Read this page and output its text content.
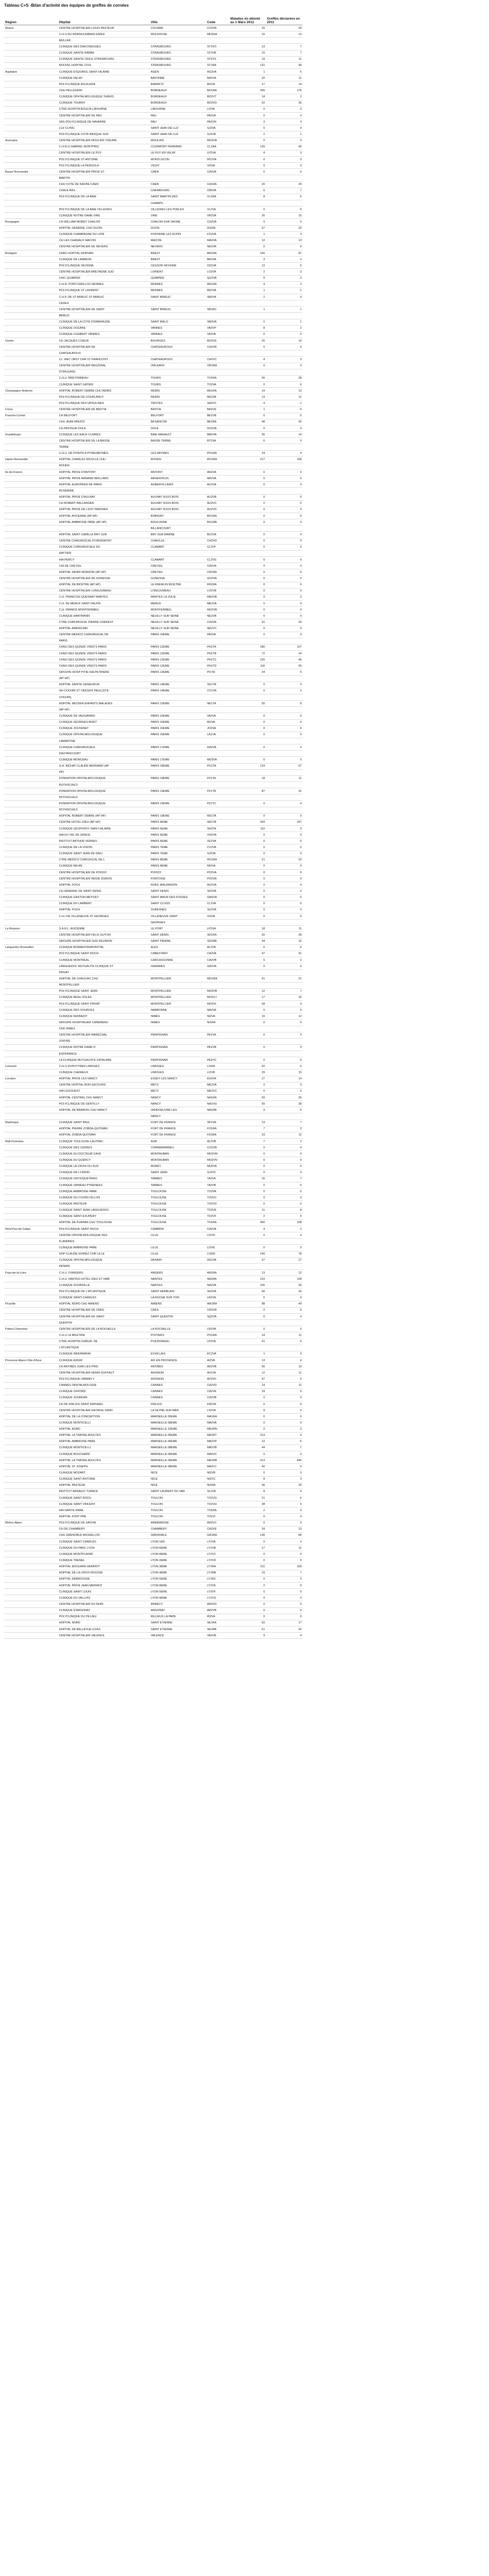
Tableau C+S -Bilan d'activité des équipes de greffes de cornées
Région	Hôpital	Ville	Code	Malades en attente au 1 Mars 2012	Greffes déclarées en 2011
Alsace	CENTRE HOSPITALIER LOUIS PASTEUR	COLMAR	CO2VA	35	29
	C.H.U DU MOENCHSBERG EMILE	MULHOUSE	MU1RA	16	13
	MULLER				
	CLINIQUE DES DIACONESSES	STRASBOURG	ST2VO	13	7
	CLINIQUE SAINTE BARBE	STRASBOURG	ST2VB	15	7
	CLINIQUE SAINTE ODILE STRASBOURG	STRASBOURG	ST2VS	19	11
	NOUVEL HOPITAL CIVIL	STRASBOURG	ST1RA	131	44
Aquitaine	CLINIQUE ESQUIROL SAINT-HILAIRE	AGEN	AG2VA	1	5
	CLINIQUE DELAY	BAYONNE	BA2VA	32	11
	POLYCLINIQUE AGUILERA	BIARRITZ	BI2VA	27	14
	CHU PELLEGRIN	BORDEAUX	BO1RA	345	175
	CLINIQUE OPHTALMOLOGIQUE THIERS	BORDEAUX	BO2VT	14	2
	CLINIQUE TOURNY	BORDEAUX	BO2VD	62	35
	CTRE HOSPITA BOULIN LIBOURNE	LIBOURNE	LI2VA	0	0
	CENTRE HOSPITALIER DE PAU	PAU	PA2VA	0	0
	SAS POLYCLINIQUE DE NAVARRE	PAU	PA2VN	3	3
	LUZ CLINIC	SAINT JEAN DE LUZ	SJ2VA	0	0
	POLYCLINIQUE COTE BASQUE SUD	SAINT JEAN DE LUZ	SJ2VB	2	1
Auvergne	CENTRE HOSPITALIER MOULINS YZEURE	MOULINS	MO2VA	0	0
	C.H.R.U GABRIEL MONTPIED	CLERMONT FERRAND	CL1RA	126	45
	CENTRE HOSPITALIER LE PUY	LE PUY EN VELAY	LP2VA	4	3
	POLYCLINIQUE ST ANTOINE	MONTLUCON	MT2VA	0	0
	POLYCLINIQUE LA PERGOLA	VICHY	VI2VA	0	0
Basse-Normandie	CENTRE HOSPITALIER PRIVE ST	CAEN	CA2VA	0	0
	MARTIN				
	CHU COTE DE NACRE CAEN	CAEN	CA1RA	20	29
	CHALE BAS	CHERBOURG	CB2VA	6	7
	POLYCLINIQUE DE LA BAIE	SAINT MARTIN DES	VL1RA	8	6
		CHAMPS			
	POLYCLINIQUE DE LA BAIE VILLEDIEU	VILLEDIEU LES POELES	VL2VA	0	0
	CLINIQUE NOTRE DAME VIRE	VIRE	VR2VA	26	15
Bourgogne	CH WILLIAM MOREY CHALON	CHALON SUR SAONE	CH2VA	0	0
	HOPITAL GENERAL CHU DIJON	DIJON	DI1RA	57	20
	CLINIQUE CHAMPAGNE DU LION	FONTAINE LES DIJON	FO2VA	1	3
	CH LES CHANAUX MACON	MACON	MA2VA	12	13
	CENTRE HOSPITALIER DE NEVERS	NEVERS	NE2VA	0	0
Bretagne	CHRU HOPITAL MORVAN	BREST	BR1RA	160	87
	CLINIQUE DE LAMBEZE	BREST	BR2VA	3	2
	POLYCLINIQUE SEVIGNE	CESSON SEVIGNE	CE2VA	13	5
	CENTRE HOSPITALIER BRETAGNE SUD	LORIENT	LO2VA	2	3
	CHIC QUIMPER	QUIMPER	QU2VA	9	3
	C.H.R. PONTCHAILLOU RENNES	RENNES	RE1RA	4	2
	POLYCLINIQUE ST LAURENT	RENNES	RE2VA	1	1
	C.H.P. DE ST BRIEUC ST BRIEUC	SAINT BRIEUC	SB2VA	2	0
	CEDEX				
	CENTRE HOSPITALIER DE SAINT	SAINT BRIEUC	SB1RC	1	1
	BRIEUC				
	CLINIQUE DE LA COTE D'EMERAUDE	SAINT MALO	SM2VA	0	1
	CLINIQUE OCEANE	VANNES	VA2VP	8	2
	CLINIQUE CHUBERT VANNES	VANNES	VA2VA	0	0
Centre	CH JACQUES COEUR	BOURGES	BO2VE	26	10
	CENTRE HOSPITALIER DE	CHATEAUROUX	CH2VB	0	0
	CHATEAUROUX				
	CL. MEC OBST CHR ST FRANCOIST	CHATEAUROUX	CH2VC	4	3
	CENTRE HOSPITALIER REGIONAL	ORLEANS	OR1RA	0	0
	D'ORLEANS				
	C.H.U. BRETONNEAU	TOURS	TO1RA	55	28
	CLINIQUE SAINT GATIEN	TOURS	TO2VA	0	0
Champagne-Ardenne	HOPITAL ROBERT DEBRE CHU REIMS	REIMS	RE1RA	14	13
	POLYCLINIQUE DE COURLANCY	REIMS	RE2VA	13	12
	POLYCLINIQUE DES URSULINES	TROYES	SA2VC	4	1
Corse	CENTRE HOSPITALIER DE BASTIA	BASTIA	BA2VE	1	0
Franche-Comté	CH BELFORT	BELFORT	BE2VB	0	0
	CHU JEAN MINJOZ	BESANCON	BE1RA	48	42
	CH PASTEUR DOLE	DOLE	DO2VA	0	0
Guadeloupe	CLINIQUE LES EAUX CLAIRES	BAIE MAHAULT	BM2VA	36	14
	CENTRE HOSPITALIER DE LA BASSE	BASSE TERRE	BT2VA	6	0
	TERRE				
	C.H.U. DE POINTE A PITRE/ABYMES	LES ABYMES	PO1RA	24	9
Haute-Normandie	HOPITAL CHARLES NICOLLE CHU	ROUEN	RO1RA	217	106
	ROUEN				
Ile-de-France	HOPITAL PRIVE D'ANTONY	ANTONY	AN2VA	0	0
	HOPITAL PRIVE ARMAND BRILLARD	ARGENTEUIL	AR2VA	0	0
	HOPITAL EUROPEEN DE PARIS	AUBERVILLIERS	AU2VA	0	0
	ROSERAIE				
	HOPITAL PRIVE D'AULNAY	AULNAY SOUS BOIS	AU2VB	0	0
	CH ROBERT BALLANGER	AULNAY SOUS BOIS	AU2VC	0	0
	HOPITAL PRIVE DE L'EST PARISIEN	AULNAY SOUS BOIS	AU2VD	0	0
	HOPITAL AVICENNE (AP HP)	BOBIGNY	BO1RA	0	0
	HOPITAL AMBROISE PARE (AP HP)	BOULOGNE	BO1RB	0	0
		BILLANCOURT			
	HOPITAL SAINT CAMILLE BRY SUR	BRY SUR MARNE	BC2VA	0	0
	CENTRE CHIRURGICAL D'ORGEMONT	CHAVILLE	CH2VD	0	0
	CLINIQUE CHIRURGICALE DU	CLAMART	CL2VF	0	0
	HAYTIER				
	HIA PERCY	CLAMART	CL2VG	0	0
	CHI DE CRETEIL	CRETEIL	CR2VA	0	0
	HOPITAL HENRI MONDOR (AP HP)	CRETEIL	CR1RA	0	0
	CENTRE HOSPITALIER DE GONESSE	GONESSE	GO2VA	0	0
	HOPITAL DE BICETRE (AP HP)	LE KREMLIN BICETRE	KR1RA	0	0
	CENTRE HOSPITALIER LONGJUMEAU	LONGJUMEAU	LO2VB	0	0
	C.H. FRANCOIS QUESNAY MANTES	MANTES LA JOLIE	MA2VB	0	0
	C.H. DE MEAUX SAINT FAUON	MEAUX	ME2VA	0	0
	C.H. FRANCE MONTFERMEIL	MONTFERMEIL	MO2VB	0	0
	CLINIQUE HARTMANN	NEUILLY SUR SEINE	NE2VB	0	0
	CTRE CHIRURGICAL PIERRE CHEREST	NEUILLY SUR SEINE	CH2VA	91	20
	HOPITAL AMERICAIN	NEUILLY SUR SEINE	NE2VC	0	0
	CENTRE MEDICO CHIRURGICAL DE	PARIS 10EME	PA2VA	0	0
	PARIS				
	CHNO DES QUINZE VINGTS PARIS	PARIS 12EME	PH1TA	180	107
	CHNO DES QUINZE VINGTS PARIS	PARIS 12EME	PH1TB	72	24
	CHNO DES QUINZE VINGTS PARIS	PARIS 12EME	PH1TC	155	46
	CHNO DES QUINZE VINGTS PARIS	PARIS 12EME	PH1TD	116	55
	GROUPE HOSP PITIE-SALPETRIERE	PARIS 13EME	PI1TA	24	0
	(AP HP)				
	HOPITAL SAINTE GENEVIEVE	PARIS 14EME	SG1TA	0	0
	GH COCHIN ST VINCENT PAUL(SITE	PARIS 14EME	CO1TA	0	0
	COCHIN)				
	HOPITAL NECKER ENFANTS MALADES	PARIS 15EME	NE1TA	55	8
	(AP HP)				
	CLINIQUE DE VAUGIRARD	PARIS 15EME	VA2VA	0	0
	CLINIQUE GEORGES BIZET	PARIS 16EME	BI2VA	0	0
	CLINIQUE JOUVENET	PARIS 16EME	JO2VA	0	0
	CLINIQUE OPHTALMOLOGIQUE	PARIS 15EME	LA1VA	0	0
	LAMARTINE				
	CLINIQUE CHIRURGICALE	PARIS 17EME	DA2VA	0	0
	DAUTANCOURT				
	CLINIQUE MONCEAU	PARIS 17EME	MO2VA	0	0
	G.H. BICHAT CLAUDE BERNARD (AP	PARIS 18EME	PU1TA	124	67
	HP)				
	FONDATION OPHTALMOLOGIQUE	PARIS 19EME	PZ1TA	18	11
	ROTHSCHILD				
	FONDATION OPHTALMOLOGIQUE	PARIS 19EME	PZ1TB	87	31
	ROTHSCHILD				
	FONDATION OPHTALMOLOGIQUE	PARIS 19EME	PZ1TC	0	0
	ROTHSCHILD				
	HOPITAL ROBERT DEBRE (AP HP)	PARIS 19EME	RD1TA	0	0
	CENTRE HOTEL-DIEU (AP HP)	PARIS 4EME	HD1TA	443	247
	CLINIQUE GEOFFROY SAINT-HILAIRE	PARIS 5EME	SH2TA	110	3
	HIA DU VAL DE GRACE	PARIS 5EME	VG2VA	0	0
	INSTITUT ARTHUR VERNES	PARIS 6EME	VE2VA	0	0
	CLINIQUE DE LA VISION	PARIS 7EME	CV2VA	0	0
	CLINIQUE SAINT JEAN DE DIEU	PARIS 7EME	SJ2VA	0	0
	CTRE MEDICO CHIRUGICAL DE L	PARIS 8EME	RO1RA	21	23
	CLINIQUE MILAN	PARIS 9EME	MI2VA	0	0
	CENTRE HOSPITALIER DE POISSY	POISSY	PO2VA	0	0
	CENTRE HOSPITALIER REGIE DUBOIS	PONTOISE	PO2VB	0	0
	HOPITAL FOCH	RUEIL MALMAISON	RU2VA	0	0
	CH GENERAL DE SAINT DENIS	SAINT DENIS	SD2VA	0	0
	CLINIQUE GASTON METIVET	SAINT MAUR DES FOSSES	GM2VA	0	0
	CLINIQUE DU LAMBERT	SAINT CLOUD	CL2VA	0	0
	HOPITAL FOCH	SURESNES	SU2VA	0	0
	C.H.I DE VILLENEUVE ST GEORGES	VILLENEUVE SAINT	VI2VA	0	0
		GEORGES			
La Réunion	S.A.R.L. AVICENNE	LE PORT	LP2VA	18	11
	CENTRE HOSPITALIER FELIX GUYON	SAINT DENIS	SD1RA	20	28
	GROUPE HOSPITALIER SUD REUNION	SAINT PIERRE	SD1RB	34	15
Languedoc-Roussillon	CLINIQUE BONNEFON/MONTTAL	ALES	AL2VA	6	6
	POLYCLINIQUE SAINT ROCH	CABESTANY	CA2VA	47	31
	CLINIQUE MONTREAL	CARCASSONNE	CA2VB	5	2
	LANGUEDOC MUTUALITE CLINIQUE ST	GRANDES	GA2VA	0	0
	PRIVAT				
	HOPITAL DE CHAULIAC CHU	MONTPELLIER	MO1RA	41	21
	MONTPELLIER				
	POLYCLINIQUE SAINT JEAN	MONTPELLIER	MO2VB	12	7
	CLINIQUE BEAU SOLEIL	MONTPELLIER	MO2VJ	17	16
	POLYCLINIQUE SAINT PRIVAT	MONTPELLIER	MO2VL	28	3
	CLINIQUE DES SOURCES	NARBONNE	NA2VA	0	0
	CLINIQUE KENNEDY	NIMES	NI2VA	16	12
	GROUPE HOSPITALIER CAREMEAU	NIMES	NI1RA	0	0
	CHU NIMES				
	CENTRE HOSPITALIER MARECHAL	PERPIGNAN	PE2VA	0	0
	JOFFRE				
	CLINIQUE NOTRE DAME D'	PERPIGNAN	PE2VB	0	0
	ESPERANCE				
	LA CLINIQUE MUTUALISTE CATALANE	PERPIGNAN	PE2VC	0	0
Limousin	C.H.U DUPUYTREN LIMOGES	LIMOGES	LI1RA	62	5
	CLINIQUE CHENIEUX	LIMOGES	LI2VB	29	15
Lorraine	HOPITAL PRIVE LES NANCY	ESSEY LES NANCY	ES2VA	27	14
	CENTRE HOPITAL BON SECOURS	METZ	ME2VA	0	0
	HIA LEGOUEST	METZ	ME2VC	0	0
	HOPITAL CENTRAL CHU NANCY	NANCY	NA1RA	69	39
	POLYCLINIQUE DE GENTILLY	NANCY	NA2VG	55	28
	HOPITAL DE BRABOIS CHU NANCY	VANDOEUVRE LES	NA1RB	9	6
		NANCY			
Martinique	CLINIQUE SAINT PAUL	FORT DE FRANCE	SP1VA	13	7
	HOPITAL PIERRE ZOBDA-QUITMAN	FORT DE FRANCE	FO1RA	7	3
	HOPITAL ZOBDA QUITMAN	FORT DE FRANCE	FD1RA	23	11
Midi-Pyrénées	CLINIQUE TOULOUSE-LAUTREC	ALBI	AL2VB	7	2
	CLINIQUE DES CEDRES	CORNEBARRIEU	CO2VB	0	0
	CLINIQUE DU DOCTEUR CAVE	MONTAUBAN	MO2VM	0	0
	CLINIQUE DU QUERCY	MONTAUBAN	MO2VN	0	0
	CLINIQUE LA CROIX DU SUD	MURET	MU2VA	0	0
	CLINIQUE DE L'UNION	SAINT JEAN	SJ2VC	0	0
	CLINIQUE ONYX/QUEYRIAS	TARBES	TA2VA	16	7
	CLINIQUE ORMEAU PYRENEES	TARBES	TA2VB	0	0
	CLINIQUE AMBROISE PARE	TOULOUSE	TO2VA	0	0
	CLINIQUE DU COURS DILLON	TOULOUSE	TO2VC	0	0
	CLINIQUE PASTEUR	TOULOUSE	TO2VD	0	0
	CLINIQUE SAINT JEAN LANGUEDOC	TOULOUSE	TO2VE	11	8
	CLINIQUE SAINT-EXUPERY	TOULOUSE	TO2VF	2	0
	HOPITAL DE PURPAN CHU TOULOUSE	TOULOUSE	TO1RA	450	108
Nord-Pas-de-Calais	POLYCLINIQUE SAINT ROCH	CAMBRAI	CA2VA	4	2
	CENTRE OPHTALMOLOGIQUE DES	LILLE	LI2VD	0	0
	FLANDRES				
	CLINIQUE AMBROISE PARE	LILLE	LI2VE	0	0
	HOP CLAUDE HURIEZ CHR LILLE	LILLE	LI1RA	140	78
	CLINIQUE OPHTALMOLOGIQUE	DENAIN	DE2VA	57	27
	DENAIN				
Pays-de-la-Loire	C.H.U. D'ANGERS	ANGERS	AN1RA	13	12
	C.H.U. NANTES HOTEL DIEU ET HME	NANTES	NA1RA	153	128
	CLINIQUE SOURDILLE	NANTES	NA2VA	106	26
	POLYCLINIQUE DE L'ATLANTIQUE	SAINT HERBLAIN	SH2VA	66	43
	CLINIQUE SAINT-CHARLES	LA ROCHE SUR YON	LR2VA	5	4
Picardie	HOPITAL NORD CHU AMIENS	AMIENS	AM1RA	88	49
	CENTRE HOSPITALIER DE CREIL	CREIL	CR2VB	0	0
	CENTRE HOSPITALIER DE SAINT	SAINT QUENTIN	SQ2VA	0	0
	QUENTIN				
Poitou-Charentes	CENTRE HOSPITALIER DE LA ROCHELLE	LA ROCHELLE	LR2VB	0	0
	C.H.U LA MILETRIE	POITIERS	PO1RA	14	11
	CTRE HOSPITA CHIRUR. DE	PUILBOREAU	LP2VA	41	5
	L'ATLANTIQUE				
	CLINIQUE INKERMANN	ECHILLAIS	EC2VA	1	0
Provence-Alpes-Côte-d'Azur	CLINIQUE AXIUM	AIX EN PROVENCE	AI2VA	13	4
	CH ANTIBES JUAN LES PINS	ANTIBES	AN2VB	65	19
	CENTRE HOSPITALIER HENRI DUFFAUT	AVIGNON	AV2VA	12	11
	POLYCLINIQUE URBAIN V	AVIGNON	AV2VD	47	0
	CANNES OPHTALMOLOGIE	CANNES	CA2VD	14	11
	CLINIQUE OXFORD	CANNES	CA2VE	24	0
	CLINIQUE JOURDAN	CANNES	CA2VB	0	0
	CH DE FREJUS SAINT RAPHAEL	FREJUS	FR2VA	0	0
	CENTRE HOSPITALIER GEORGE SAND	LA SEYNE SUR MER	LS2VA	9	0
	HOPITAL DE LA CONCEPTION	MARSEILLE 05EME	MA1RA	0	0
	CLINIQUE MONTICELLI	MARSEILLE 08EME	MA2VA	0	0
	HOPITAL NORD	MARSEILLE 15EME	MA1RN	0	0
	HOPITAL LA TIMONE ADULTES	MARSEILLE 05EME	MA1RT	314	0
	HOPITAL AMBROISE PARE	MARSEILLE 06EME	MA2VP	12	5
	CLINIQUE MONTICELLI	MARSEILLE 08EME	MA2VB	44	7
	CLINIQUE BOUCHARD	MARSEILLE 06EME	MA2VC	0	0
	HOPITAL LA TIMONE ADULTES	MARSEILLE 05EME	MA1RB	313	446
	HOPITAL ST JOSEPH	MARSEILLE 08EME	MA2VJ	40	0
	CLINIQUE MOZART	NICE	NI2VB	0	0
	CLINIQUE SAINT ANTOINE	NICE	NI2VC	8	3
	HOPITAL PASTEUR	NICE	NI1RA	36	20
	INSTITUT ARNAULT TZANCK	SAINT LAURENT DU VAR	SL2VA	8	5
	CLINIQUE SAINT ROCH	TOULON	TO2VG	21	6
	CLINIQUE SAINT VINCENT	TOULON	TO2VH	38	4
	HIA SAINTE ANNE	TOULON	TO1RA	2	0
	HOPITAL FONT PRE	TOULON	TO2VI	0	0
Rhône-Alpes	POLYCLINIQUE DE SAVOIE	ANNEMASSE	AN2VC	0	0
	CH DE CHAMBERY	CHAMBERY	CH2VE	24	13
	CHU GRENOBLE MICHALLON	GRENOBLE	GR1RA	136	86
	CLINIQUE SAINT CHARLES	LYON 1ER	LY2VA	0	0
	CLINIQUE DU PARC LYON	LYON 6EME	LY2VB	17	11
	CLINIQUE MONTPLAISIR	LYON 8EME	LY2VC	0	0
	CLINIQUE TRENEL	LYON 2EME	LY2VD	0	0
	HOPITAL EDOUARD HERRIOT	LYON 3EME	LY1RA	211	169
	HOPITAL DE LA CROIX ROUSSE	LYON 4EME	LY1RB	19	7
	HOPITAL DEBROUSSE	LYON 5EME	LY1RC	0	0
	HOPITAL PRIVE JEAN MERMOZ	LYON 8EME	LY2VE	0	0
	CLINIQUE SAINT LOUIS	LYON 5EME	LY2VF	0	0
	CLINIQUE DU VALLOIS	LYON 9EME	LY2VG	0	0
	CENTRE HOSPITALIER DU RHIN	ANNECY	AN2VD	0	0
	CLINIQUE D'ARGONAY	ARGONAY	AR2VB	0	0
	POLYCLINIQUE DU PILLIEU	RILLIEUX LA PAPE	RI2VA	0	0
	HOPITAL NORD	SAINT ETIENNE	SE1RA	62	17
	HOPITAL DE BELLEVUE (CHU)	SAINT ETIENNE	SE1RB	61	42
	CENTRE HOSPITALIER VALENCE	VALENCE	VA2VB	9	4
